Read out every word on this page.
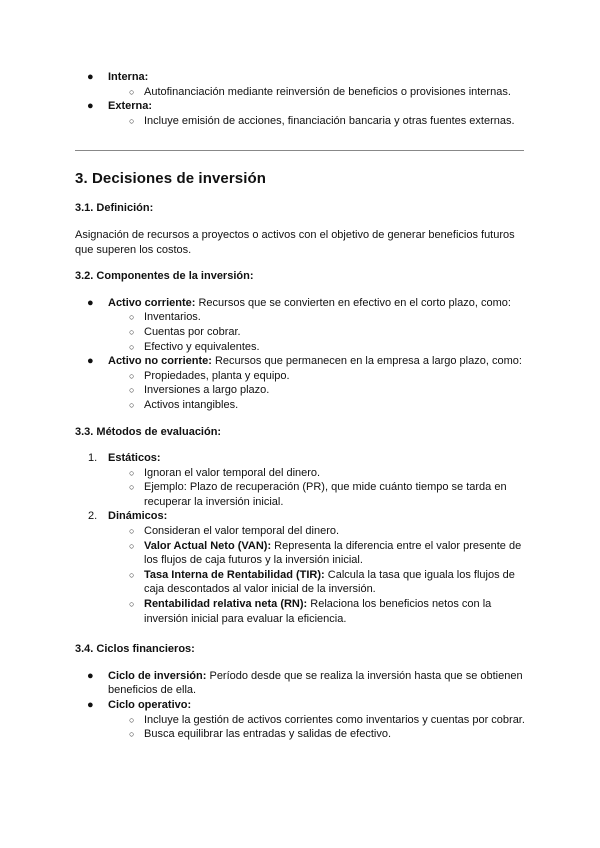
● Interna:
○ Autofinanciación mediante reinversión de beneficios o provisiones internas.
● Externa:
○ Incluye emisión de acciones, financiación bancaria y otras fuentes externas.
3. Decisiones de inversión
3.1. Definición:

Asignación de recursos a proyectos o activos con el objetivo de generar beneficios futuros que superen los costos.

3.2. Componentes de la inversión:
● Activo corriente: Recursos que se convierten en efectivo en el corto plazo, como:
○ Inventarios.
○ Cuentas por cobrar.
○ Efectivo y equivalentes.
● Activo no corriente: Recursos que permanecen en la empresa a largo plazo, como:
○ Propiedades, planta y equipo.
○ Inversiones a largo plazo.
○ Activos intangibles.
3.3. Métodos de evaluación:
1. Estáticos:
○ Ignoran el valor temporal del dinero.
○ Ejemplo: Plazo de recuperación (PR), que mide cuánto tiempo se tarda en recuperar la inversión inicial.
2. Dinámicos:
○ Consideran el valor temporal del dinero.
○ Valor Actual Neto (VAN): Representa la diferencia entre el valor presente de los flujos de caja futuros y la inversión inicial.
○ Tasa Interna de Rentabilidad (TIR): Calcula la tasa que iguala los flujos de caja descontados al valor inicial de la inversión.
○ Rentabilidad relativa neta (RN): Relaciona los beneficios netos con la inversión inicial para evaluar la eficiencia.
3.4. Ciclos financieros:
● Ciclo de inversión: Período desde que se realiza la inversión hasta que se obtienen beneficios de ella.
● Ciclo operativo:
○ Incluye la gestión de activos corrientes como inventarios y cuentas por cobrar.
○ Busca equilibrar las entradas y salidas de efectivo.
